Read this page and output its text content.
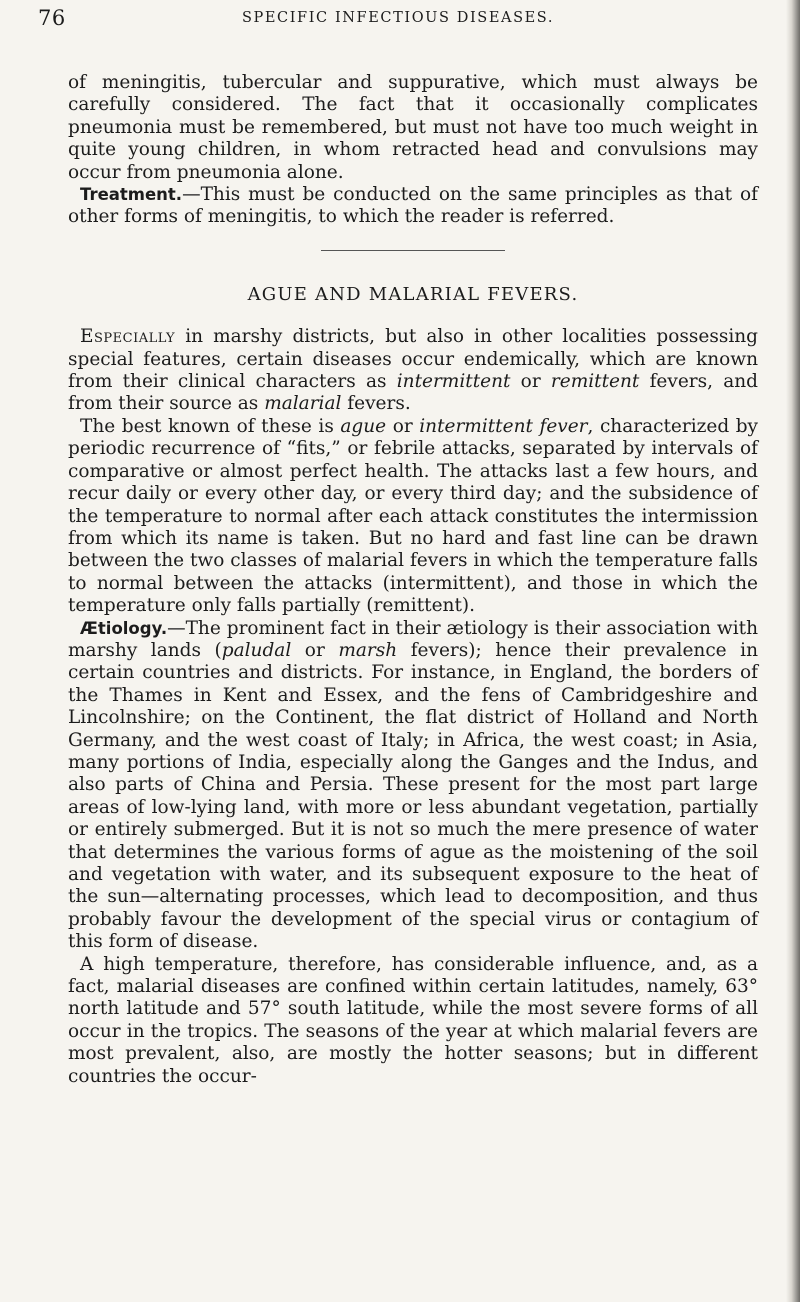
76	SPECIFIC INFECTIOUS DISEASES.

of meningitis, tubercular and suppurative, which must always be carefully considered. The fact that it occasionally complicates pneumonia must be remembered, but must not have too much weight in quite young children, in whom retracted head and convulsions may occur from pneumonia alone.

Treatment.—This must be conducted on the same principles as that of other forms of meningitis, to which the reader is referred.

AGUE AND MALARIAL FEVERS.

Especially in marshy districts, but also in other localities possessing special features, certain diseases occur endemically, which are known from their clinical characters as intermittent or remittent fevers, and from their source as malarial fevers.

The best known of these is ague or intermittent fever, characterized by periodic recurrence of “fits,” or febrile attacks, separated by intervals of comparative or almost perfect health. The attacks last a few hours, and recur daily or every other day, or every third day; and the subsidence of the temperature to normal after each attack constitutes the intermission from which its name is taken. But no hard and fast line can be drawn between the two classes of malarial fevers in which the temperature falls to normal between the attacks (intermittent), and those in which the temperature only falls partially (remittent).

Ætiology.—The prominent fact in their ætiology is their association with marshy lands (paludal or marsh fevers); hence their prevalence in certain countries and districts. For instance, in England, the borders of the Thames in Kent and Essex, and the fens of Cambridgeshire and Lincolnshire; on the Continent, the flat district of Holland and North Germany, and the west coast of Italy; in Africa, the west coast; in Asia, many portions of India, especially along the Ganges and the Indus, and also parts of China and Persia. These present for the most part large areas of low-lying land, with more or less abundant vegetation, partially or entirely submerged. But it is not so much the mere presence of water that determines the various forms of ague as the moistening of the soil and vegetation with water, and its subsequent exposure to the heat of the sun—alternating processes, which lead to decomposition, and thus probably favour the development of the special virus or contagium of this form of disease.

A high temperature, therefore, has considerable influence, and, as a fact, malarial diseases are confined within certain latitudes, namely, 63° north latitude and 57° south latitude, while the most severe forms of all occur in the tropics. The seasons of the year at which malarial fevers are most prevalent, also, are mostly the hotter seasons; but in different countries the occur-
